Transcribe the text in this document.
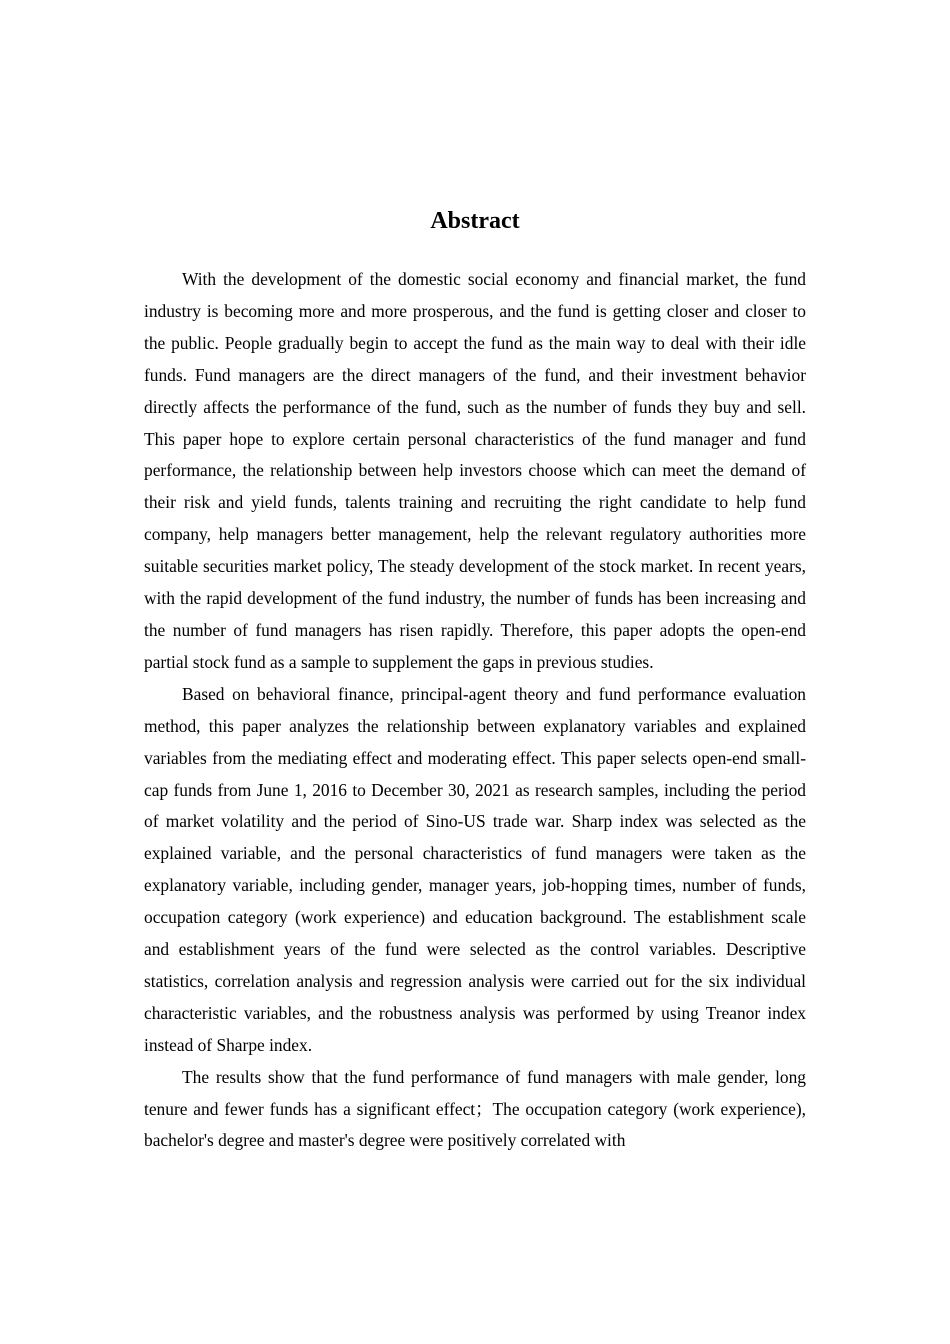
Abstract

With the development of the domestic social economy and financial market, the fund industry is becoming more and more prosperous, and the fund is getting closer and closer to the public. People gradually begin to accept the fund as the main way to deal with their idle funds. Fund managers are the direct managers of the fund, and their investment behavior directly affects the performance of the fund, such as the number of funds they buy and sell. This paper hope to explore certain personal characteristics of the fund manager and fund performance, the relationship between help investors choose which can meet the demand of their risk and yield funds, talents training and recruiting the right candidate to help fund company, help managers better management, help the relevant regulatory authorities more suitable securities market policy, The steady development of the stock market. In recent years, with the rapid development of the fund industry, the number of funds has been increasing and the number of fund managers has risen rapidly. Therefore, this paper adopts the open-end partial stock fund as a sample to supplement the gaps in previous studies.

Based on behavioral finance, principal-agent theory and fund performance evaluation method, this paper analyzes the relationship between explanatory variables and explained variables from the mediating effect and moderating effect. This paper selects open-end small-cap funds from June 1, 2016 to December 30, 2021 as research samples, including the period of market volatility and the period of Sino-US trade war. Sharp index was selected as the explained variable, and the personal characteristics of fund managers were taken as the explanatory variable, including gender, manager years, job-hopping times, number of funds, occupation category (work experience) and education background. The establishment scale and establishment years of the fund were selected as the control variables. Descriptive statistics, correlation analysis and regression analysis were carried out for the six individual characteristic variables, and the robustness analysis was performed by using Treanor index instead of Sharpe index.

The results show that the fund performance of fund managers with male gender, long tenure and fewer funds has a significant effect；The occupation category (work experience), bachelor's degree and master's degree were positively correlated with
